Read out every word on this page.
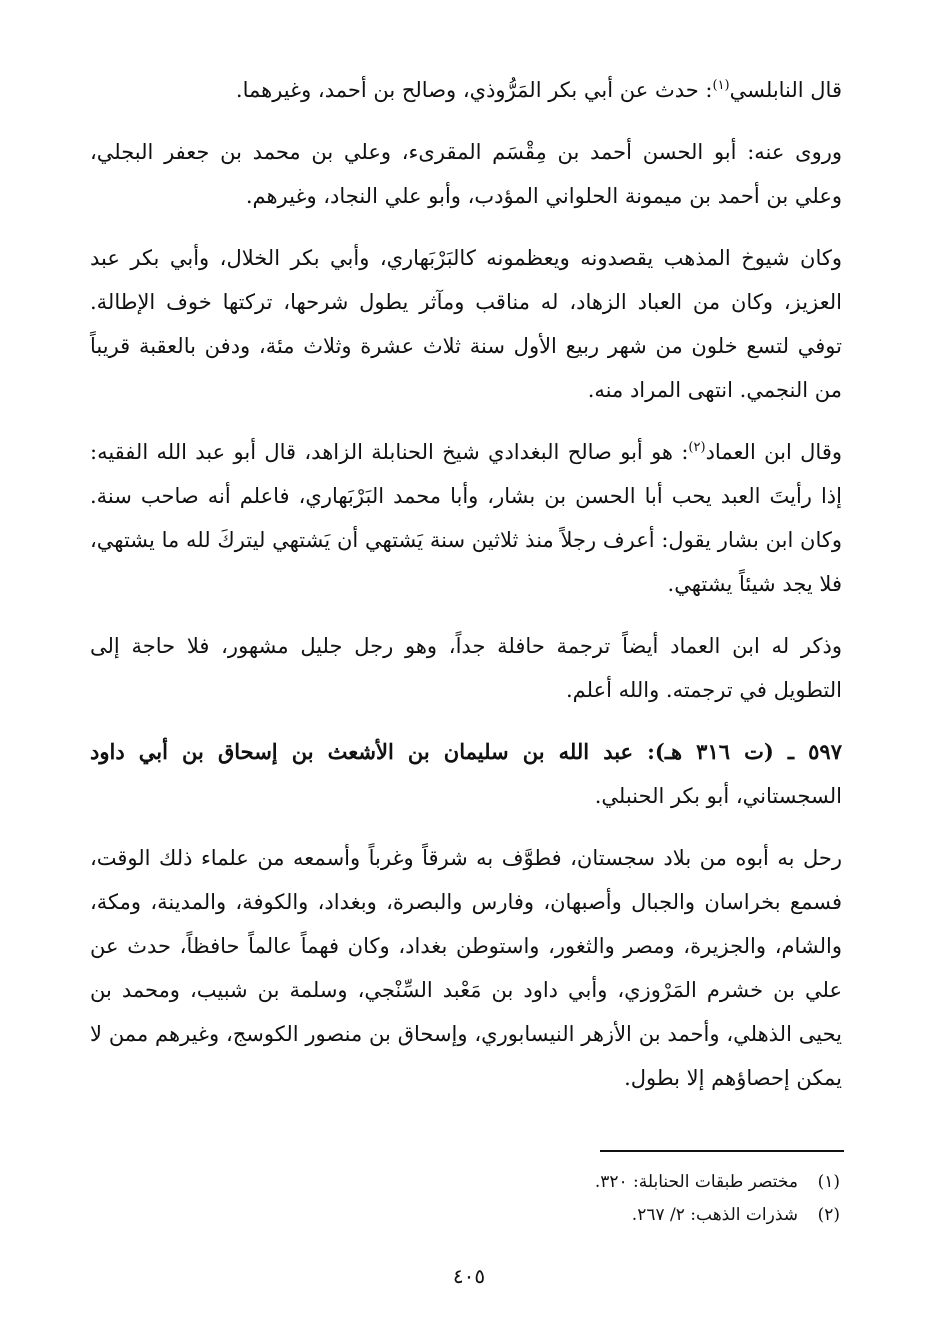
قال النابلسي$^{(١)}$: حدث عن أبي بكر المَرُّوذي، وصالح بن أحمد، وغيرهما.

وروى عنه: أبو الحسن أحمد بن مِقْسَم المقرىء، وعلي بن محمد بن جعفر البجلي، وعلي بن أحمد بن ميمونة الحلواني المؤدب، وأبو علي النجاد، وغيرهم.

وكان شيوخ المذهب يقصدونه ويعظمونه كالبَرْبَهاري، وأبي بكر الخلال، وأبي بكر عبد العزيز، وكان من العباد الزهاد، له مناقب ومآثر يطول شرحها، تركتها خوف الإطالة. توفي لتسع خلون من شهر ربيع الأول سنة ثلاث عشرة وثلاث مئة، ودفن بالعقبة قريباً من النجمي. انتهى المراد منه.

وقال ابن العماد$^{(٢)}$: هو أبو صالح البغدادي شيخ الحنابلة الزاهد، قال أبو عبد الله الفقيه: إذا رأيتَ العبد يحب أبا الحسن بن بشار، وأبا محمد البَرْبَهاري، فاعلم أنه صاحب سنة. وكان ابن بشار يقول: أعرف رجلاً منذ ثلاثين سنة يَشتهي أن يَشتهي ليتركَ لله ما يشتهي، فلا يجد شيئاً يشتهي.

وذكر له ابن العماد أيضاً ترجمة حافلة جداً، وهو رجل جليل مشهور، فلا حاجة إلى التطويل في ترجمته. والله أعلم.

٥٩٧ ـ (ت ٣١٦ هـ): عبد الله بن سليمان بن الأشعث بن إسحاق بن أبي داود السجستاني، أبو بكر الحنبلي.

رحل به أبوه من بلاد سجستان، فطوَّف به شرقاً وغرباً وأسمعه من علماء ذلك الوقت، فسمع بخراسان والجبال وأصبهان، وفارس والبصرة، وبغداد، والكوفة، والمدينة، ومكة، والشام، والجزيرة، ومصر والثغور، واستوطن بغداد، وكان فهماً عالماً حافظاً، حدث عن علي بن خشرم المَرْوزي، وأبي داود بن مَعْبد السِّنْجي، وسلمة بن شبيب، ومحمد بن يحيى الذهلي، وأحمد بن الأزهر النيسابوري، وإسحاق بن منصور الكوسج، وغيرهم ممن لا يمكن إحصاؤهم إلا بطول.

(١)مختصر طبقات الحنابلة: ٣٢٠.
(٢)شذرات الذهب: ٢/ ٢٦٧.
٤٠٥
